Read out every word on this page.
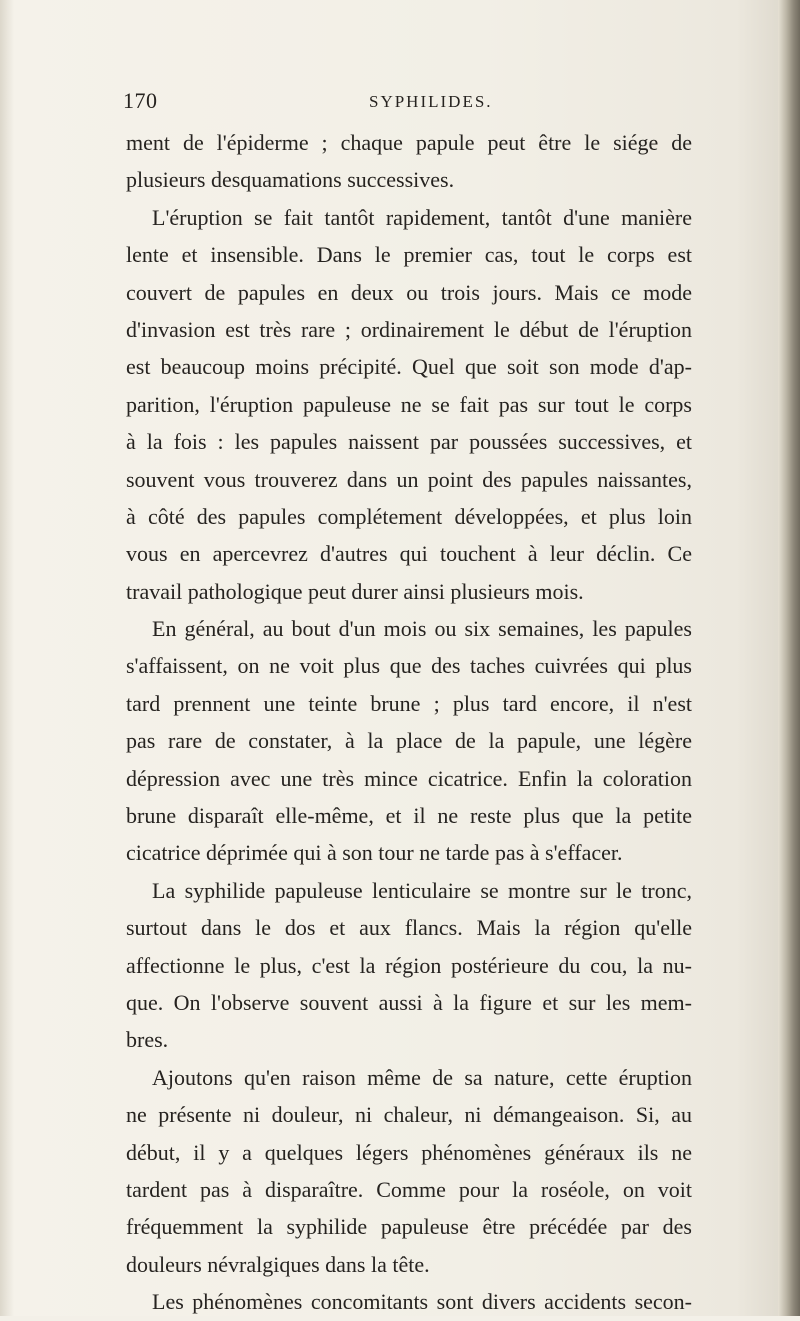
170	SYPHILIDES.
ment de l'épiderme ; chaque papule peut être le siége de
plusieurs desquamations successives.
L'éruption se fait tantôt rapidement, tantôt d'une manière
lente et insensible. Dans le premier cas, tout le corps est
couvert de papules en deux ou trois jours. Mais ce mode
d'invasion est très rare ; ordinairement le début de l'éruption
est beaucoup moins précipité. Quel que soit son mode d'ap-
parition, l'éruption papuleuse ne se fait pas sur tout le corps
à la fois : les papules naissent par poussées successives, et
souvent vous trouverez dans un point des papules naissantes,
à côté des papules complétement développées, et plus loin
vous en apercevrez d'autres qui touchent à leur déclin. Ce
travail pathologique peut durer ainsi plusieurs mois.
En général, au bout d'un mois ou six semaines, les papules
s'affaissent, on ne voit plus que des taches cuivrées qui plus
tard prennent une teinte brune ; plus tard encore, il n'est
pas rare de constater, à la place de la papule, une légère
dépression avec une très mince cicatrice. Enfin la coloration
brune disparaît elle-même, et il ne reste plus que la petite
cicatrice déprimée qui à son tour ne tarde pas à s'effacer.
La syphilide papuleuse lenticulaire se montre sur le tronc,
surtout dans le dos et aux flancs. Mais la région qu'elle
affectionne le plus, c'est la région postérieure du cou, la nu-
que. On l'observe souvent aussi à la figure et sur les mem-
bres.
Ajoutons qu'en raison même de sa nature, cette éruption
ne présente ni douleur, ni chaleur, ni démangeaison. Si, au
début, il y a quelques légers phénomènes généraux ils ne
tardent pas à disparaître. Comme pour la roséole, on voit
fréquemment la syphilide papuleuse être précédée par des
douleurs névralgiques dans la tête.
Les phénomènes concomitants sont divers accidents secon-
